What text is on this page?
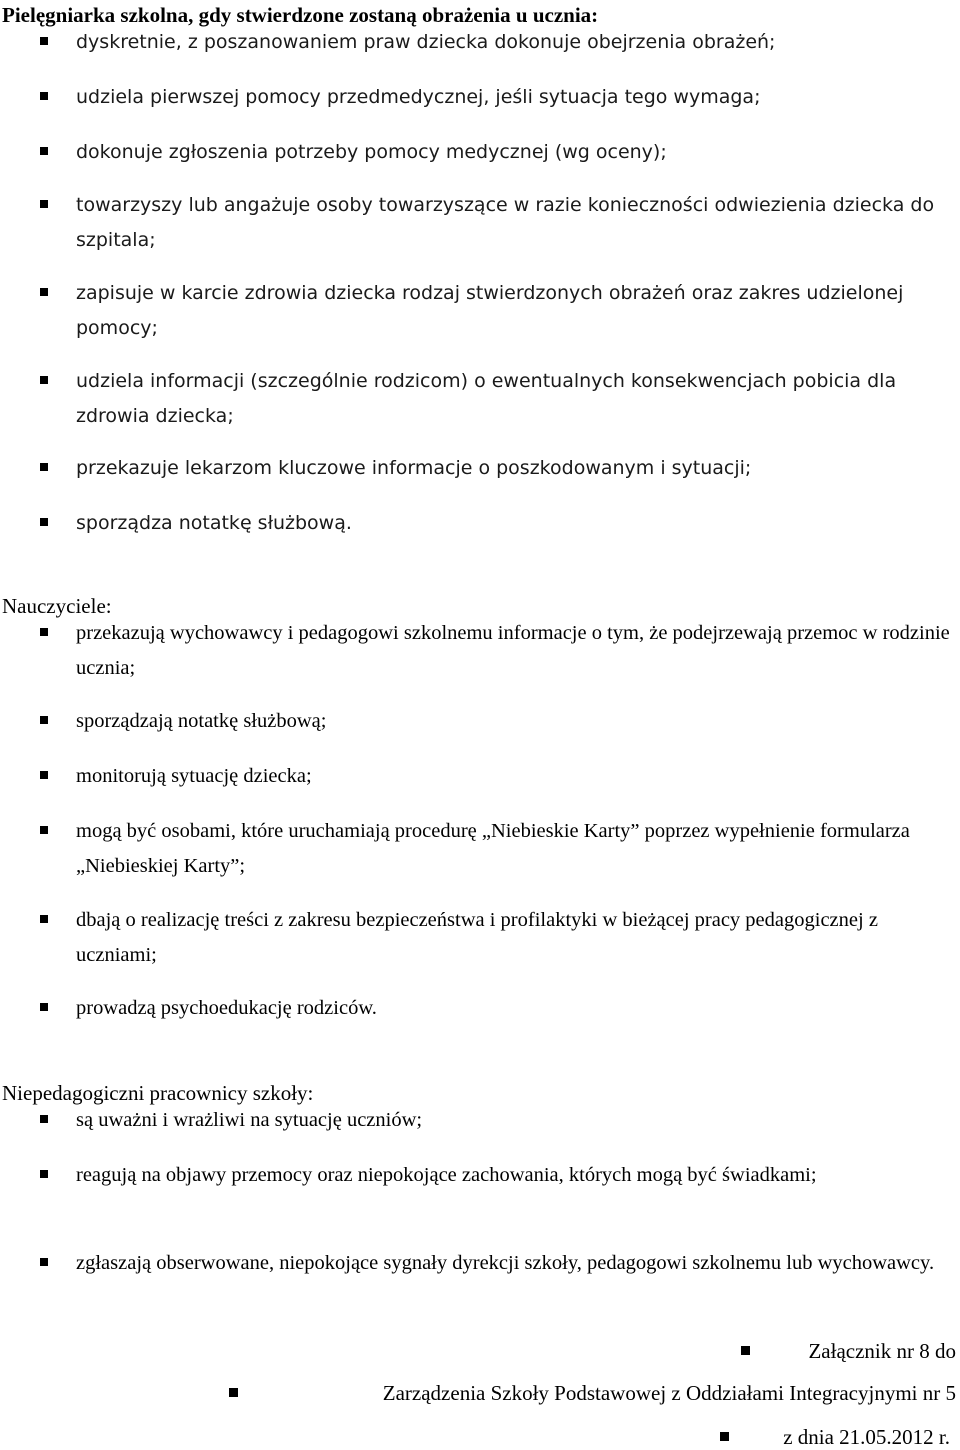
Pielęgniarka szkolna, gdy stwierdzone zostaną obrażenia u ucznia:
dyskretnie, z poszanowaniem praw dziecka dokonuje obejrzenia obrażeń;
udziela pierwszej pomocy przedmedycznej, jeśli sytuacja tego wymaga;
dokonuje zgłoszenia potrzeby pomocy medycznej (wg oceny);
towarzyszy lub angażuje osoby towarzyszące w razie konieczności odwiezienia dziecka do szpitala;
zapisuje w karcie zdrowia dziecka rodzaj stwierdzonych obrażeń oraz zakres udzielonej pomocy;
udziela informacji (szczególnie rodzicom) o ewentualnych konsekwencjach pobicia dla zdrowia dziecka;
przekazuje lekarzom kluczowe informacje o poszkodowanym i sytuacji;
sporządza notatkę służbową.
Nauczyciele:
przekazują wychowawcy i pedagogowi szkolnemu informacje o tym, że podejrzewają przemoc w rodzinie ucznia;
sporządzają notatkę służbową;
monitorują sytuację dziecka;
mogą być osobami, które uruchamiają procedurę „Niebieskie Karty” poprzez wypełnienie formularza „Niebieskiej Karty”;
dbają o realizację treści z zakresu bezpieczeństwa i profilaktyki w bieżącej pracy pedagogicznej z uczniami;
prowadzą psychoedukację rodziców.
Niepedagogiczni pracownicy szkoły:
są uważni i wrażliwi na sytuację uczniów;
reagują na objawy przemocy oraz niepokojące zachowania, których mogą być świadkami;
zgłaszają obserwowane, niepokojące sygnały dyrekcji szkoły, pedagogowi szkolnemu lub wychowawcy.
Załącznik nr 8 do
Zarządzenia Szkoły Podstawowej z Oddziałami Integracyjnymi nr 5
z dnia 21.05.2012 r.
